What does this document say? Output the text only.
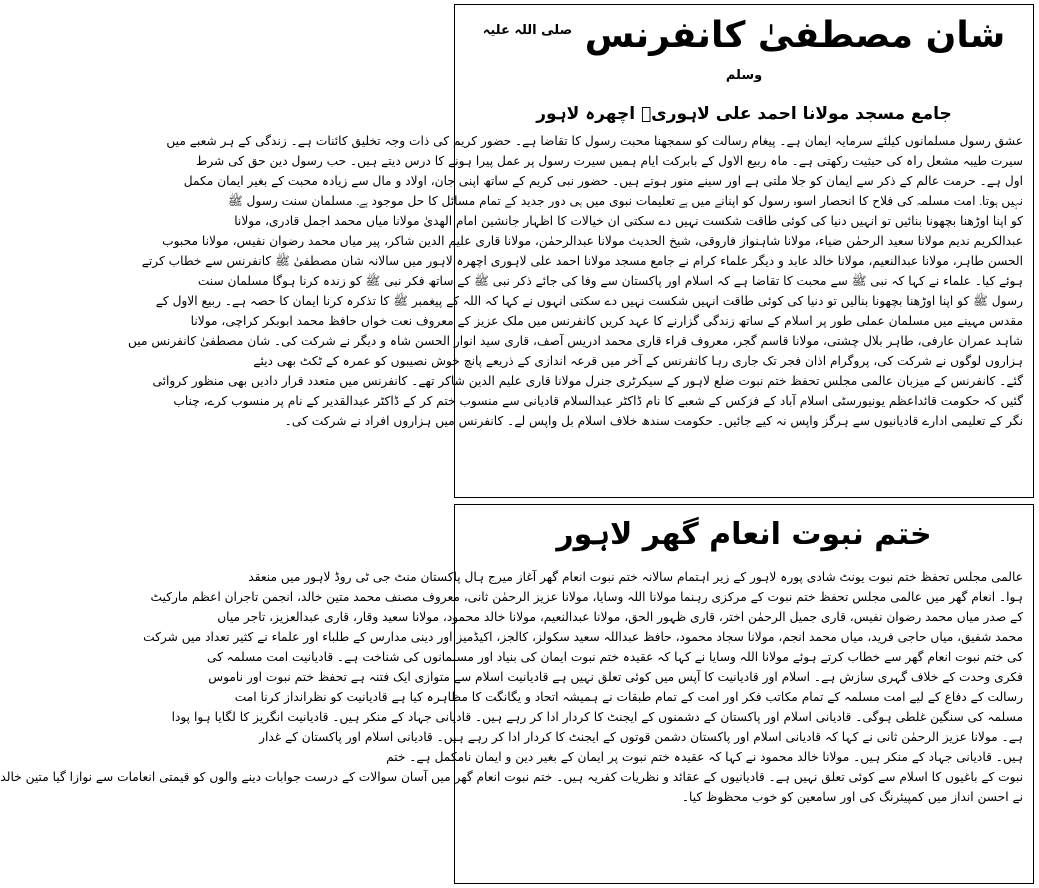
شان مصطفیٰ کانفرنس $^{صلی اللہ علیہ وسلم}$
جامع مسجد مولانا احمد علی لاہوریؒ اچھرہ لاہور
عشق رسول مسلمانوں کیلئے سرمایہ ایمان ہے۔ پیغام رسالت کو سمجھنا محبت رسول کا تقاضا ہے۔ حضور کریم کی ذات وجہ تخلیق کائنات ہے۔ زندگی کے ہر شعبے میں
سیرت طیبہ مشعل راہ کی حیثیت رکھتی ہے۔ ماہ ربیع الاول کے بابرکت ایام ہمیں سیرت رسول پر عمل پیرا ہونے کا درس دیتے ہیں۔ حب رسول دین حق کی شرط
اول ہے۔ حرمت عالم کے ذکر سے ایمان کو جلا ملتی ہے اور سینے منور ہوتے ہیں۔ حضور نبی کریم کے ساتھ اپنی جان، اولاد و مال سے زیادہ محبت کے بغیر ایمان مکمل
نہیں ہوتا۔ امت مسلمہ کی فلاح کا انحصار اسوہ رسول کو اپنانے میں ہے تعلیمات نبوی میں ہی دور جدید کے تمام مسائل کا حل موجود ہے۔ مسلمان سنت رسول ﷺ
کو اپنا اوڑھنا بچھونا بنائیں تو انہیں دنیا کی کوئی طاقت شکست نہیں دے سکتی ان خیالات کا اظہار جانشین امام الھدیٰ مولانا میاں محمد اجمل قادری، مولانا
عبدالکریم ندیم مولانا سعید الرحمٰن ضیاء، مولانا شاہنواز فاروقی، شیخ الحدیث مولانا عبدالرحمٰن، مولانا قاری علیم الدین شاکر، پیر میاں محمد رضوان نفیس، مولانا محبوب
الحسن طاہر، مولانا عبدالنعیم، مولانا خالد عابد و دیگر علماء کرام نے جامع مسجد مولانا احمد علی لاہوری اچھرہ لاہور میں سالانہ شان مصطفیٰ ﷺ کانفرنس سے خطاب کرتے
ہوئے کیا۔ علماء نے کہا کہ نبی ﷺ سے محبت کا تقاضا ہے کہ اسلام اور پاکستان سے وفا کی جائے ذکر نبی ﷺ کے ساتھ فکر نبی ﷺ کو زندہ کرنا ہوگا مسلمان سنت
رسول ﷺ کو اپنا اوڑھنا بچھونا بنالیں تو دنیا کی کوئی طاقت انہیں شکست نہیں دے سکتی انہوں نے کہا کہ اللہ کے پیغمبر ﷺ کا تذکرہ کرنا ایمان کا حصہ ہے۔ ربیع الاول کے
مقدس مہینے میں مسلمان عملی طور پر اسلام کے ساتھ زندگی گزارنے کا عہد کریں کانفرنس میں ملک عزیز کے معروف نعت خواں حافظ محمد ابوبکر کراچی، مولانا
شاہد عمران عارفی، طاہر بلال چشتی، مولانا قاسم گجر، معروف قراء قاری محمد ادریس آصف، قاری سید انوار الحسن شاہ و دیگر نے شرکت کی۔ شان مصطفیٰ کانفرنس میں
ہزاروں لوگوں نے شرکت کی، پروگرام اذان فجر تک جاری رہا کانفرنس کے آخر میں قرعہ اندازی کے ذریعے پانچ خوش نصیبوں کو عمرہ کے ٹکٹ بھی دیئے
گئے۔ کانفرنس کے میزبان عالمی مجلس تحفظ ختم نبوت ضلع لاہور کے سیکرٹری جنرل مولانا قاری علیم الدین شاکر تھے۔ کانفرنس میں متعدد قرار دادیں بھی منظور کروائی
گئیں کہ حکومت قائداعظم یونیورسٹی اسلام آباد کے فزکس کے شعبے کا نام ڈاکٹر عبدالسلام قادیانی سے منسوب ختم کر کے ڈاکٹر عبدالقدیر کے نام پر منسوب کرے، چناب
نگر کے تعلیمی ادارے قادیانیوں سے ہرگز واپس نہ کیے جائیں۔ حکومت سندھ خلاف اسلام بل واپس لے۔ کانفرنس میں ہزاروں افراد نے شرکت کی۔
ختم نبوت انعام گھر لاہور
عالمی مجلس تحفظ ختم نبوت یونٹ شادی پورہ لاہور کے زیر اہتمام سالانہ ختم نبوت انعام گھر آغاز میرج ہال پاکستان منٹ جی ٹی روڈ لاہور میں منعقد
ہوا۔ انعام گھر میں عالمی مجلس تحفظ ختم نبوت کے مرکزی رہنما مولانا اللہ وسایا، مولانا عزیز الرحمٰن ثانی، معروف مصنف محمد متین خالد، انجمن تاجران اعظم مارکیٹ
کے صدر میاں محمد رضوان نفیس، قاری جمیل الرحمٰن اختر، قاری ظہور الحق، مولانا عبدالنعیم، مولانا خالد محمود، مولانا سعید وقار، قاری عبدالعزیز، تاجر میاں
محمد شفیق، میاں حاجی فرید، میاں محمد انجم، مولانا سجاد محمود، حافظ عبداللہ سعید سکولز، کالجز، اکیڈمیز اور دینی مدارس کے طلباء اور علماء نے کثیر تعداد میں شرکت
کی ختم نبوت انعام گھر سے خطاب کرتے ہوئے مولانا اللہ وسایا نے کہا کہ عقیدہ ختم نبوت ایمان کی بنیاد اور مسلمانوں کی شناخت ہے۔ قادیانیت امت مسلمہ کی
فکری وحدت کے خلاف گہری سازش ہے۔ اسلام اور قادیانیت کا آپس میں کوئی تعلق نہیں ہے قادیانیت اسلام سے متوازی ایک فتنہ ہے تحفظ ختم نبوت اور ناموس
رسالت کے دفاع کے لیے امت مسلمہ کے تمام مکاتب فکر اور امت کے تمام طبقات نے ہمیشہ اتحاد و یگانگت کا مظاہرہ کیا ہے قادیانیت کو نظرانداز کرنا امت
مسلمہ کی سنگین غلطی ہوگی۔ قادیانی اسلام اور پاکستان کے دشمنوں کے ایجنٹ کا کردار ادا کر رہے ہیں۔ قادیانی جہاد کے منکر ہیں۔ قادیانیت انگریز کا لگایا ہوا پودا
ہے۔ مولانا عزیز الرحمٰن ثانی نے کہا کہ قادیانی اسلام اور پاکستان دشمن قوتوں کے ایجنٹ کا کردار ادا کر رہے ہیں۔ قادیانی اسلام اور پاکستان کے غدار
ہیں۔ قادیانی جہاد کے منکر ہیں۔ مولانا خالد محمود نے کہا کہ عقیدہ ختم نبوت پر ایمان کے بغیر دین و ایمان نامکمل ہے۔ ختم
نبوت کے باغیوں کا اسلام سے کوئی تعلق نہیں ہے۔ قادیانیوں کے عقائد و نظریات کفریہ ہیں۔ ختم نبوت انعام گھر میں آسان سوالات کے درست جوابات دینے والوں کو قیمتی انعامات سے نوازا گیا متین خالد
نے احسن انداز میں کمپیئرنگ کی اور سامعین کو خوب محظوظ کیا۔
